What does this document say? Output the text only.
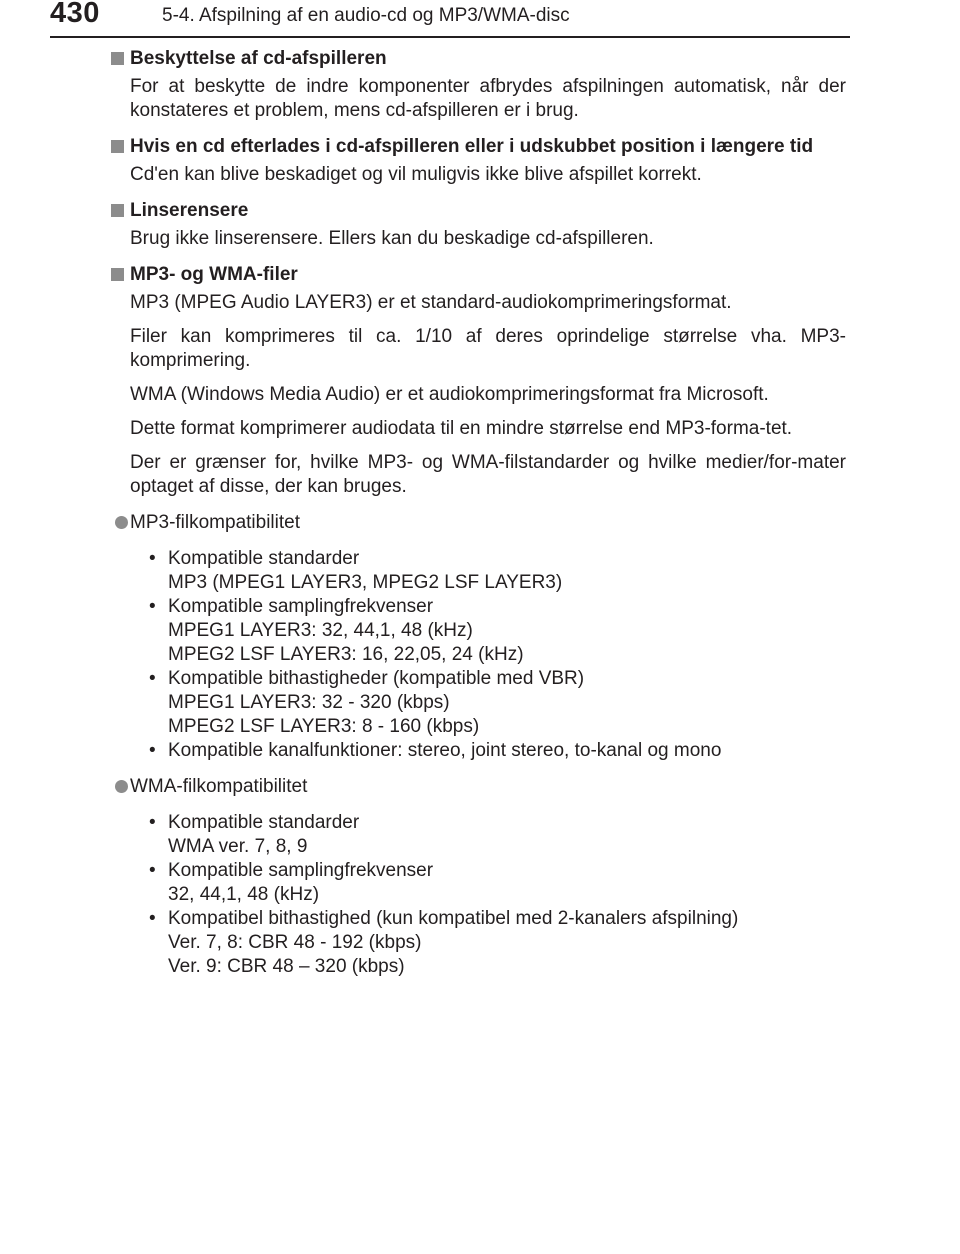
430	5-4. Afspilning af en audio-cd og MP3/WMA-disc

Beskyttelse af cd-afspilleren

For at beskytte de indre komponenter afbrydes afspilningen automatisk, når der konstateres et problem, mens cd-afspilleren er i brug.

Hvis en cd efterlades i cd-afspilleren eller i udskubbet position i længere tid

Cd'en kan blive beskadiget og vil muligvis ikke blive afspillet korrekt.

Linserensere

Brug ikke linserensere. Ellers kan du beskadige cd-afspilleren.

MP3- og WMA-filer

MP3 (MPEG Audio LAYER3) er et standard-audiokomprimeringsformat.

Filer kan komprimeres til ca. 1/10 af deres oprindelige størrelse vha. MP3-komprimering.

WMA (Windows Media Audio) er et audiokomprimeringsformat fra Microsoft.

Dette format komprimerer audiodata til en mindre størrelse end MP3-forma-tet.

Der er grænser for, hvilke MP3- og WMA-filstandarder og hvilke medier/for-mater optaget af disse, der kan bruges.

MP3-filkompatibilitet

• Kompatible standarder
MP3 (MPEG1 LAYER3, MPEG2 LSF LAYER3)
• Kompatible samplingfrekvenser
MPEG1 LAYER3: 32, 44,1, 48 (kHz)
MPEG2 LSF LAYER3: 16, 22,05, 24 (kHz)
• Kompatible bithastigheder (kompatible med VBR)
MPEG1 LAYER3: 32 - 320 (kbps)
MPEG2 LSF LAYER3: 8 - 160 (kbps)
• Kompatible kanalfunktioner: stereo, joint stereo, to-kanal og mono

WMA-filkompatibilitet

• Kompatible standarder
WMA ver. 7, 8, 9
• Kompatible samplingfrekvenser
32, 44,1, 48 (kHz)
• Kompatibel bithastighed (kun kompatibel med 2-kanalers afspilning)
Ver. 7, 8: CBR 48 - 192 (kbps)
Ver. 9: CBR 48 – 320 (kbps)
